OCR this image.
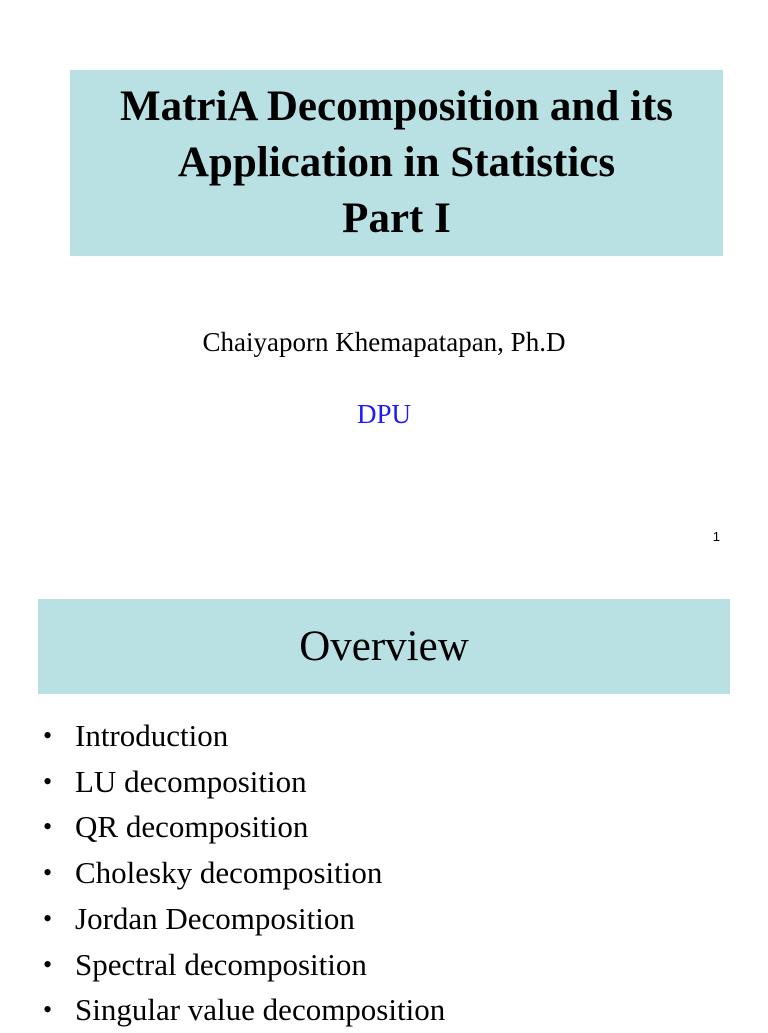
MatriA Decomposition and its
Application in Statistics
Part I
Chaiyaporn Khemapatapan, Ph.D
DPU
1
Overview
• Introduction
• LU decomposition
• QR decomposition
• Cholesky decomposition
• Jordan Decomposition
• Spectral decomposition
• Singular value decomposition
